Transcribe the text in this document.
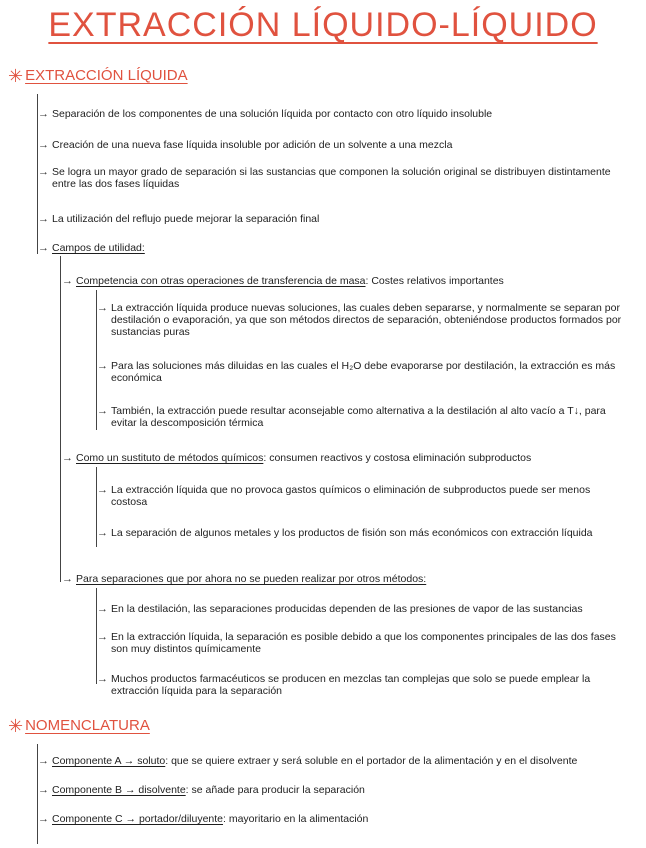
EXTRACCIÓN LÍQUIDO-LÍQUIDO
✳ EXTRACCIÓN LÍQUIDA
→ Separación de los componentes de una solución líquida por contacto con otro líquido insoluble
→ Creación de una nueva fase líquida insoluble por adición de un solvente a una mezcla
→ Se logra un mayor grado de separación si las sustancias que componen la solución original se distribuyen distintamente entre las dos fases líquidas
→ La utilización del reflujo puede mejorar la separación final
→ Campos de utilidad:
→ Competencia con otras operaciones de transferencia de masa: Costes relativos importantes
→ La extracción líquida produce nuevas soluciones, las cuales deben separarse, y normalmente se separan por destilación o evaporación, ya que son métodos directos de separación, obteniéndose productos formados por sustancias puras
→ Para las soluciones más diluidas en las cuales el H₂O debe evaporarse por destilación, la extracción es más económica
→ También, la extracción puede resultar aconsejable como alternativa a la destilación al alto vacío a T↓, para evitar la descomposición térmica
→ Como un sustituto de métodos químicos: consumen reactivos y costosa eliminación subproductos
→ La extracción líquida que no provoca gastos químicos o eliminación de subproductos puede ser menos costosa
→ La separación de algunos metales y los productos de fisión son más económicos con extracción líquida
→ Para separaciones que por ahora no se pueden realizar por otros métodos:
→ En la destilación, las separaciones producidas dependen de las presiones de vapor de las sustancias
→ En la extracción líquida, la separación es posible debido a que los componentes principales de las dos fases son muy distintos químicamente
→ Muchos productos farmacéuticos se producen en mezclas tan complejas que solo se puede emplear la extracción líquida para la separación
✳ NOMENCLATURA
→ Componente A → soluto: que se quiere extraer y será soluble en el portador de la alimentación y en el disolvente
→ Componente B → disolvente: se añade para producir la separación
→ Componente C → portador/diluyente: mayoritario en la alimentación
